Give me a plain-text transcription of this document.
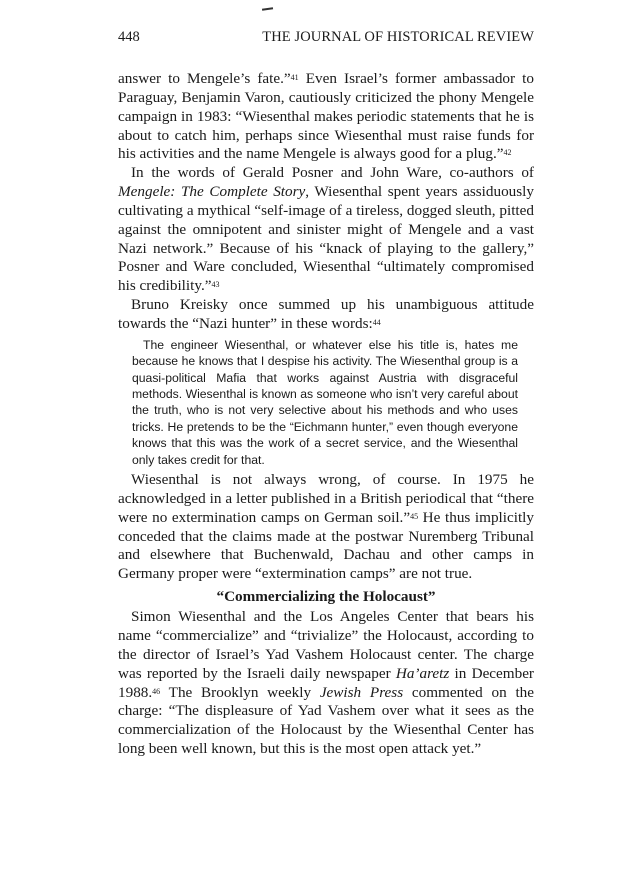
448	THE JOURNAL OF HISTORICAL REVIEW

answer to Mengele’s fate.”$^{41}$ Even Israel’s former ambassador to Paraguay, Benjamin Varon, cautiously criticized the phony Mengele campaign in 1983: “Wiesenthal makes periodic statements that he is about to catch him, perhaps since Wiesenthal must raise funds for his activities and the name Mengele is always good for a plug.”$^{42}$

In the words of Gerald Posner and John Ware, co-authors of Mengele: The Complete Story, Wiesenthal spent years assiduously cultivating a mythical “self-image of a tireless, dogged sleuth, pitted against the omnipotent and sinister might of Mengele and a vast Nazi network.” Because of his “knack of playing to the gallery,” Posner and Ware concluded, Wiesenthal “ultimately compromised his credibility.”$^{43}$

Bruno Kreisky once summed up his unambiguous attitude towards the “Nazi hunter” in these words:$^{44}$

The engineer Wiesenthal, or whatever else his title is, hates me because he knows that I despise his activity. The Wiesenthal group is a quasi-political Mafia that works against Austria with disgraceful methods. Wiesenthal is known as someone who isn’t very careful about the truth, who is not very selective about his methods and who uses tricks. He pretends to be the “Eichmann hunter,” even though everyone knows that this was the work of a secret service, and the Wiesenthal only takes credit for that.

Wiesenthal is not always wrong, of course. In 1975 he acknowledged in a letter published in a British periodical that “there were no extermination camps on German soil.”$^{45}$ He thus implicitly conceded that the claims made at the postwar Nuremberg Tribunal and elsewhere that Buchenwald, Dachau and other camps in Germany proper were “extermination camps” are not true.

“Commercializing the Holocaust”

Simon Wiesenthal and the Los Angeles Center that bears his name “commercialize” and “trivialize” the Holocaust, according to the director of Israel’s Yad Vashem Holocaust center. The charge was reported by the Israeli daily newspaper Ha’aretz in December 1988.46 The Brooklyn weekly Jewish Press commented on the charge: “The displeasure of Yad Vashem over what it sees as the commercialization of the Holocaust by the Wiesenthal Center has long been well known, but this is the most open attack yet.”
